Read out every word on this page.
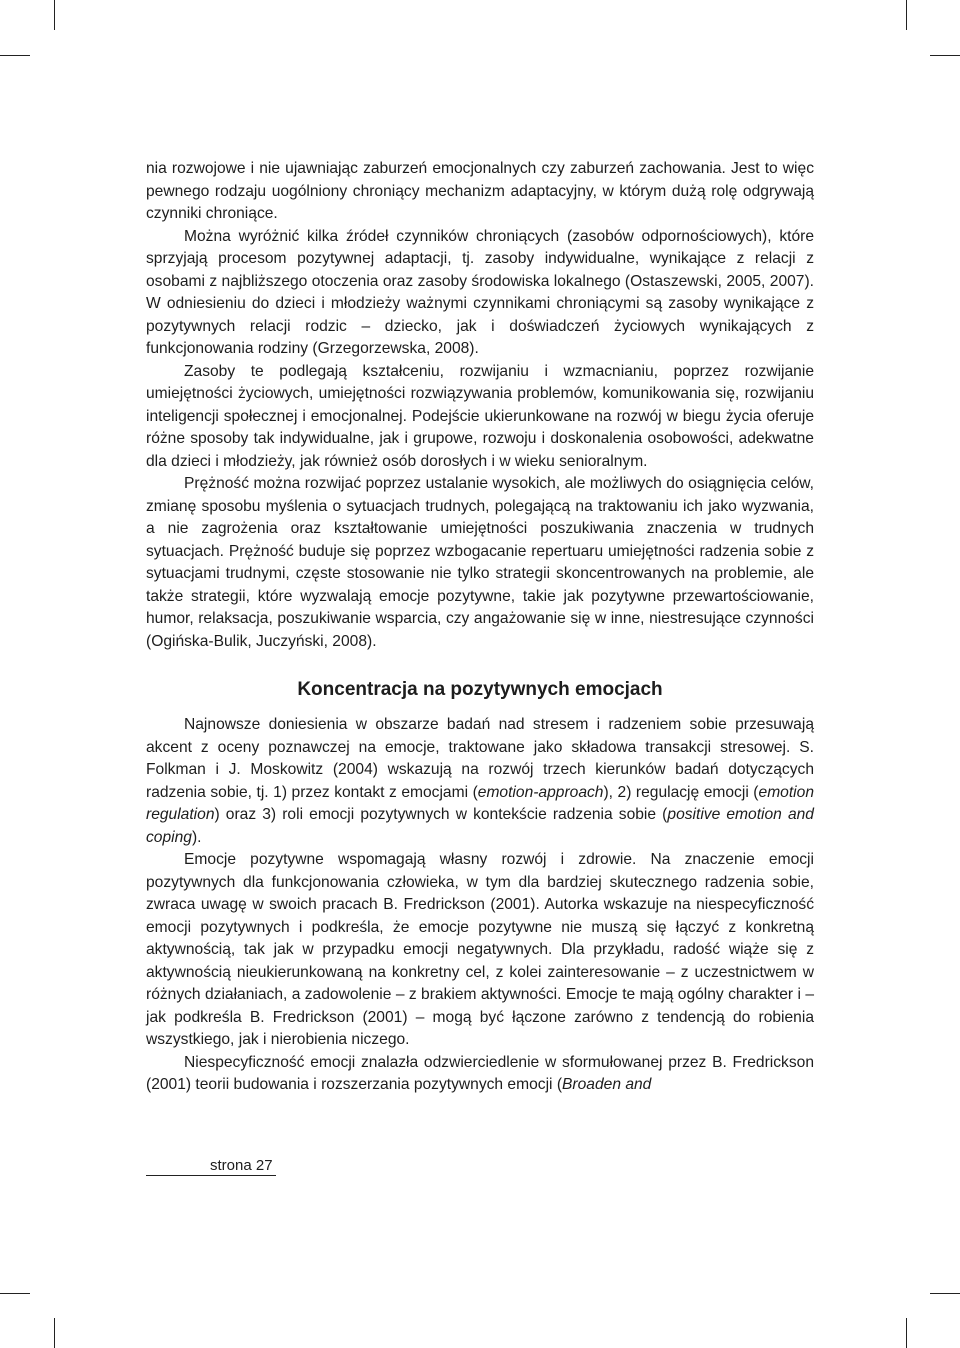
nia rozwojowe i nie ujawniając zaburzeń emocjonalnych czy zaburzeń zachowania. Jest to więc pewnego rodzaju uogólniony chroniący mechanizm adaptacyjny, w którym dużą rolę odgrywają czynniki chroniące.

Można wyróżnić kilka źródeł czynników chroniących (zasobów odpornościowych), które sprzyjają procesom pozytywnej adaptacji, tj. zasoby indywidualne, wynikające z relacji z osobami z najbliższego otoczenia oraz zasoby środowiska lokalnego (Ostaszewski, 2005, 2007). W odniesieniu do dzieci i młodzieży ważnymi czynnikami chroniącymi są zasoby wynikające z pozytywnych relacji rodzic – dziecko, jak i doświadczeń życiowych wynikających z funkcjonowania rodziny (Grzegorzewska, 2008).

Zasoby te podlegają kształceniu, rozwijaniu i wzmacnianiu, poprzez rozwijanie umiejętności życiowych, umiejętności rozwiązywania problemów, komunikowania się, rozwijaniu inteligencji społecznej i emocjonalnej. Podejście ukierunkowane na rozwój w biegu życia oferuje różne sposoby tak indywidualne, jak i grupowe, rozwoju i doskonalenia osobowości, adekwatne dla dzieci i młodzieży, jak również osób dorosłych i w wieku senioralnym.

Prężność można rozwijać poprzez ustalanie wysokich, ale możliwych do osiągnięcia celów, zmianę sposobu myślenia o sytuacjach trudnych, polegającą na traktowaniu ich jako wyzwania, a nie zagrożenia oraz kształtowanie umiejętności poszukiwania znaczenia w trudnych sytuacjach. Prężność buduje się poprzez wzbogacanie repertuaru umiejętności radzenia sobie z sytuacjami trudnymi, częste stosowanie nie tylko strategii skoncentrowanych na problemie, ale także strategii, które wyzwalają emocje pozytywne, takie jak pozytywne przewartościowanie, humor, relaksacja, poszukiwanie wsparcia, czy angażowanie się w inne, niestresujące czynności (Ogińska-Bulik, Juczyński, 2008).

Koncentracja na pozytywnych emocjach

Najnowsze doniesienia w obszarze badań nad stresem i radzeniem sobie przesuwają akcent z oceny poznawczej na emocje, traktowane jako składowa transakcji stresowej. S. Folkman i J. Moskowitz (2004) wskazują na rozwój trzech kierunków badań dotyczących radzenia sobie, tj. 1) przez kontakt z emocjami (emotion-approach), 2) regulację emocji (emotion regulation) oraz 3) roli emocji pozytywnych w kontekście radzenia sobie (positive emotion and coping).

Emocje pozytywne wspomagają własny rozwój i zdrowie. Na znaczenie emocji pozytywnych dla funkcjonowania człowieka, w tym dla bardziej skutecznego radzenia sobie, zwraca uwagę w swoich pracach B. Fredrickson (2001). Autorka wskazuje na niespecyficzność emocji pozytywnych i podkreśla, że emocje pozytywne nie muszą się łączyć z konkretną aktywnością, tak jak w przypadku emocji negatywnych. Dla przykładu, radość wiąże się z aktywnością nieukierunkowaną na konkretny cel, z kolei zainteresowanie – z uczestnictwem w różnych działaniach, a zadowolenie – z brakiem aktywności. Emocje te mają ogólny charakter i – jak podkreśla B. Fredrickson (2001) – mogą być łączone zarówno z tendencją do robienia wszystkiego, jak i nierobienia niczego.

Niespecyficzność emocji znalazła odzwierciedlenie w sformułowanej przez B. Fredrickson (2001) teorii budowania i rozszerzania pozytywnych emocji (Broaden and

strona 27
